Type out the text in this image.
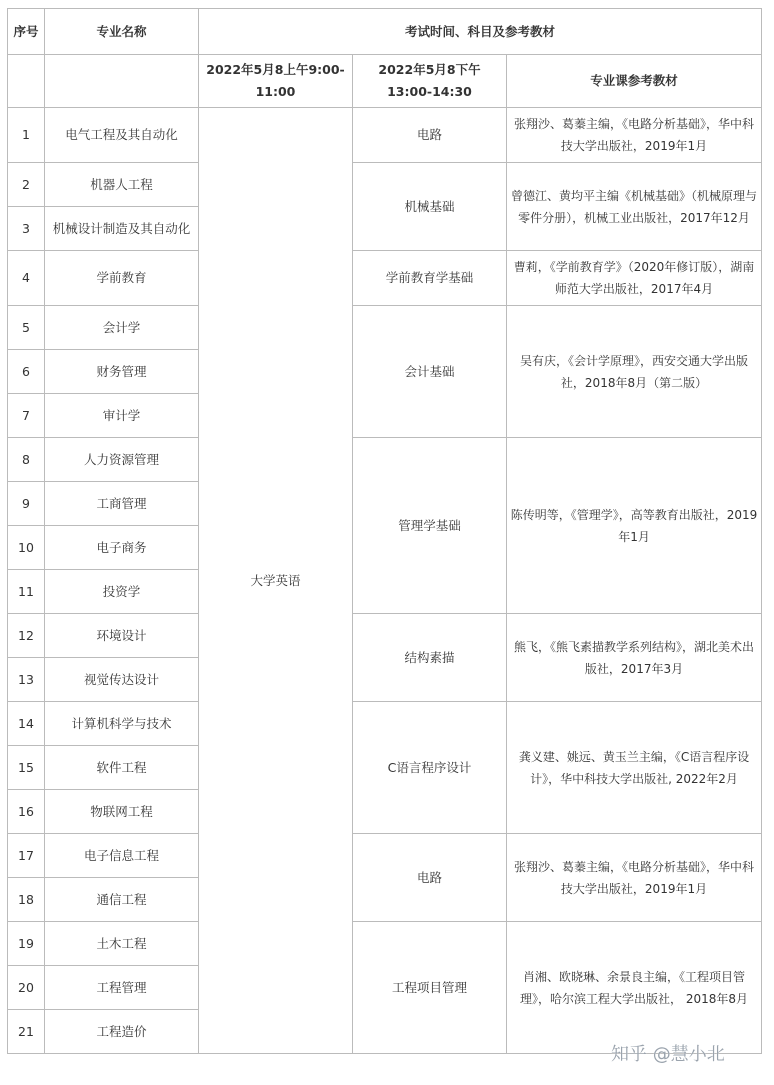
序号	专业名称	考试时间、科目及参考教材		
		2022年5月8上午9:00-11:00	2022年5月8下午13:00-14:30	专业课参考教材
1	电气工程及其自动化	大学英语	电路	张翔沙、葛蓁主编，《电路分析基础》，华中科技大学出版社，2019年1月
2	机器人工程		机械基础	曾德江、黄均平主编《机械基础》（机械原理与零件分册），机械工业出版社，2017年12月
3	机械设计制造及其自动化			
4	学前教育		学前教育学基础	曹莉，《学前教育学》（2020年修订版），湖南师范大学出版社，2017年4月
5	会计学		会计基础	吴有庆，《会计学原理》，西安交通大学出版社，2018年8月（第二版）
6	财务管理			
7	审计学			
8	人力资源管理		管理学基础	陈传明等，《管理学》，高等教育出版社，2019年1月
9	工商管理			
10	电子商务			
11	投资学			
12	环境设计		结构素描	熊飞，《熊飞素描教学系列结构》，湖北美术出版社，2017年3月
13	视觉传达设计			
14	计算机科学与技术		C语言程序设计	龚义建、姚远、黄玉兰主编，《C语言程序设计》，华中科技大学出版社, 2022年2月
15	软件工程			
16	物联网工程			
17	电子信息工程		电路	张翔沙、葛蓁主编，《电路分析基础》，华中科技大学出版社，2019年1月
18	通信工程			
19	土木工程		工程项目管理	肖湘、欧晓琳、余景良主编，《工程项目管理》，哈尔滨工程大学出版社， 2018年8月
20	工程管理			
21	工程造价			
知乎 @慧小北
